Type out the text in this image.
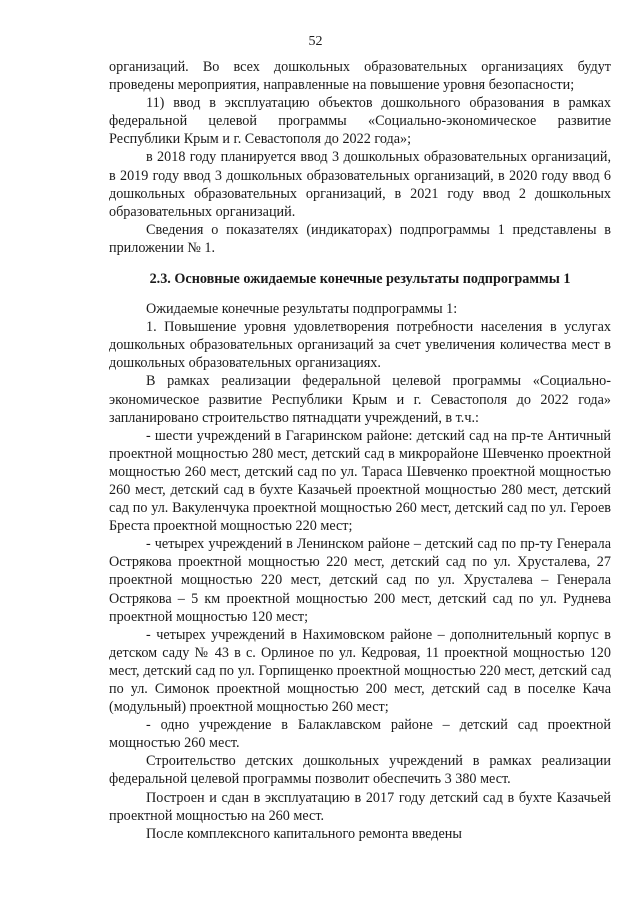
52

организаций. Во всех дошкольных образовательных организациях будут проведены мероприятия, направленные на повышение уровня безопасности;

11) ввод в эксплуатацию объектов дошкольного образования в рамках федеральной целевой программы «Социально-экономическое развитие Республики Крым и г. Севастополя до 2022 года»;

в 2018 году планируется ввод 3 дошкольных образовательных организаций, в 2019 году ввод 3 дошкольных образовательных организаций, в 2020 году ввод 6 дошкольных образовательных организаций, в 2021 году ввод 2 дошкольных образовательных организаций.

Сведения о показателях (индикаторах) подпрограммы 1 представлены в приложении № 1.

2.3. Основные ожидаемые конечные результаты подпрограммы 1

Ожидаемые конечные результаты подпрограммы 1:

1. Повышение уровня удовлетворения потребности населения в услугах дошкольных образовательных организаций за счет увеличения количества мест в дошкольных образовательных организациях.

В рамках реализации федеральной целевой программы «Социально-экономическое развитие Республики Крым и г. Севастополя до 2022 года» запланировано строительство пятнадцати учреждений, в т.ч.:

- шести учреждений в Гагаринском районе: детский сад на пр-те Античный проектной мощностью 280 мест, детский сад в микрорайоне Шевченко проектной мощностью 260 мест, детский сад по ул. Тараса Шевченко проектной мощностью 260 мест, детский сад в бухте Казачьей проектной мощностью 280 мест, детский сад по ул. Вакуленчука проектной мощностью 260 мест, детский сад по ул. Героев Бреста проектной мощностью 220 мест;

- четырех учреждений в Ленинском районе – детский сад по пр-ту Генерала Острякова проектной мощностью 220 мест, детский сад по ул. Хрусталева, 27 проектной мощностью 220 мест, детский сад по ул. Хрусталева – Генерала Острякова – 5 км проектной мощностью 200 мест, детский сад по ул. Руднева проектной мощностью 120 мест;

- четырех учреждений в Нахимовском районе – дополнительный корпус в детском саду № 43 в с. Орлиное по ул. Кедровая, 11 проектной мощностью 120 мест, детский сад по ул. Горпищенко проектной мощностью 220 мест, детский сад по ул. Симонок проектной мощностью 200 мест, детский сад в поселке Кача (модульный) проектной мощностью 260 мест;

- одно учреждение в Балаклавском районе – детский сад проектной мощностью 260 мест.

Строительство детских дошкольных учреждений в рамках реализации федеральной целевой программы позволит обеспечить 3 380 мест.

Построен и сдан в эксплуатацию в 2017 году детский сад в бухте Казачьей проектной мощностью на 260 мест.

После комплексного капитального ремонта введены
